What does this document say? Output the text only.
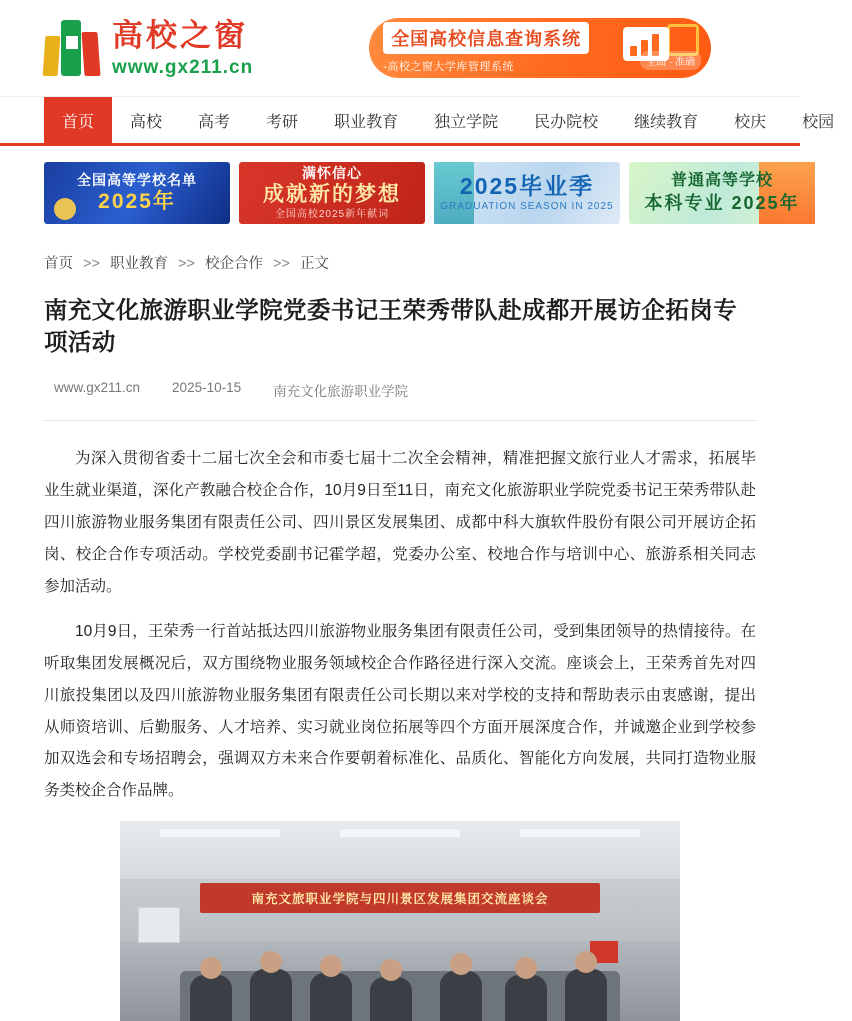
高校之窗
www.gx211.cn
全国高校信息查询系统
-高校之窗大学库管理系统	全面 · 准确
首页	高校	高考	考研	职业教育	独立学院	民办院校	继续教育	校庆	校园
全国高等学校名单
2025年
满怀信心
成就新的梦想
全国高校2025新年献词
2025毕业季
GRADUATION SEASON IN 2025
普通高等学校
本科专业 2025年
首页 >> 职业教育 >> 校企合作 >> 正文
南充文化旅游职业学院党委书记王荣秀带队赴成都开展访企拓岗专项活动
www.gx211.cn 2025-10-15 南充文化旅游职业学院

为深入贯彻省委十二届七次全会和市委七届十二次全会精神，精准把握文旅行业人才需求，拓展毕业生就业渠道，深化产教融合校企合作，10月9日至11日，南充文化旅游职业学院党委书记王荣秀带队赴四川旅游物业服务集团有限责任公司、四川景区发展集团、成都中科大旗软件股份有限公司开展访企拓岗、校企合作专项活动。学校党委副书记霍学超，党委办公室、校地合作与培训中心、旅游系相关同志参加活动。

10月9日，王荣秀一行首站抵达四川旅游物业服务集团有限责任公司，受到集团领导的热情接待。在听取集团发展概况后，双方围绕物业服务领域校企合作路径进行深入交流。座谈会上，王荣秀首先对四川旅投集团以及四川旅游物业服务集团有限责任公司长期以来对学校的支持和帮助表示由衷感谢，提出从师资培训、后勤服务、人才培养、实习就业岗位拓展等四个方面开展深度合作，并诚邀企业到学校参加双选会和专场招聘会，强调双方未来合作要朝着标准化、品质化、智能化方向发展，共同打造物业服务类校企合作品牌。

南充文旅职业学院与四川景区发展集团交流座谈会
